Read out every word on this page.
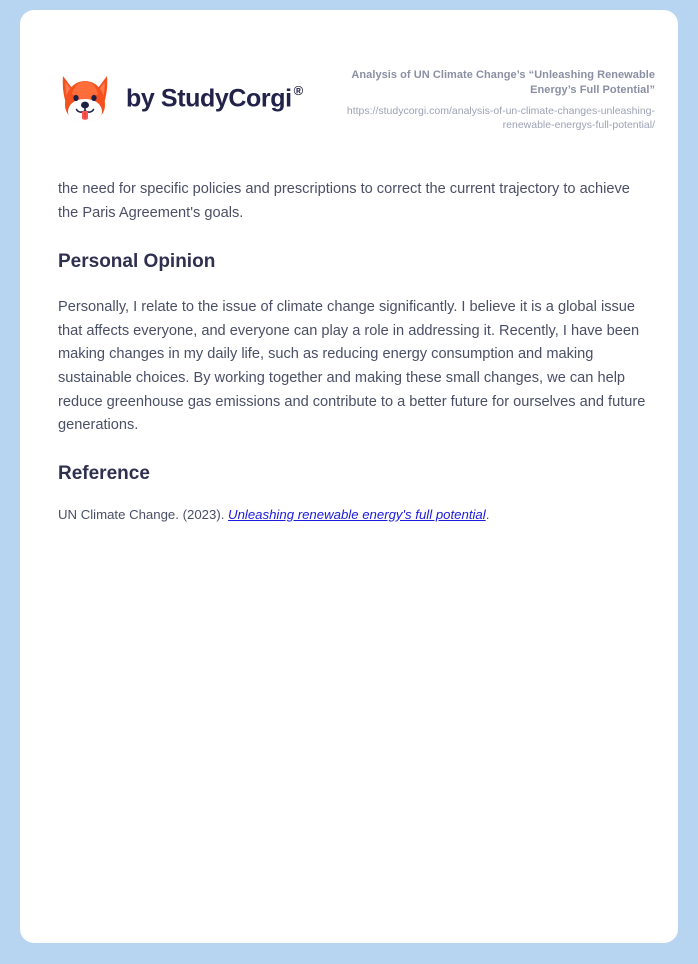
by StudyCorgi ®

Analysis of UN Climate Change’s “Unleashing Renewable Energy’s Full Potential”

https://studycorgi.com/analysis-of-un-climate-changes-unleashing-renewable-energys-full-potential/

the need for specific policies and prescriptions to correct the current trajectory to achieve the Paris Agreement's goals.

Personal Opinion

Personally, I relate to the issue of climate change significantly. I believe it is a global issue that affects everyone, and everyone can play a role in addressing it. Recently, I have been making changes in my daily life, such as reducing energy consumption and making sustainable choices. By working together and making these small changes, we can help reduce greenhouse gas emissions and contribute to a better future for ourselves and future generations.

Reference

UN Climate Change. (2023). Unleashing renewable energy's full potential.
